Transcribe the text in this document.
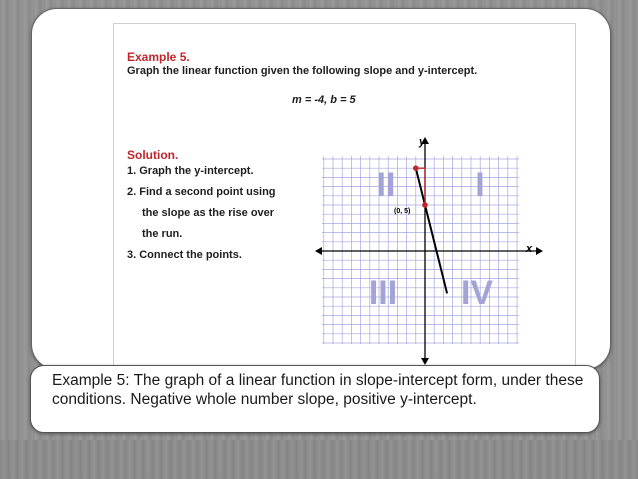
Example 5.
Graph the linear function given the following slope and y-intercept.
m = -4, b = 5
Solution.
1. Graph the y-intercept.
2. Find a second point using
the slope as the rise over
the run.
3. Connect the points.
II I
III IV
x
y
(0, 5)
Example 5: The graph of a linear function in slope-intercept form, under these conditions. Negative whole number slope, positive y-intercept.
